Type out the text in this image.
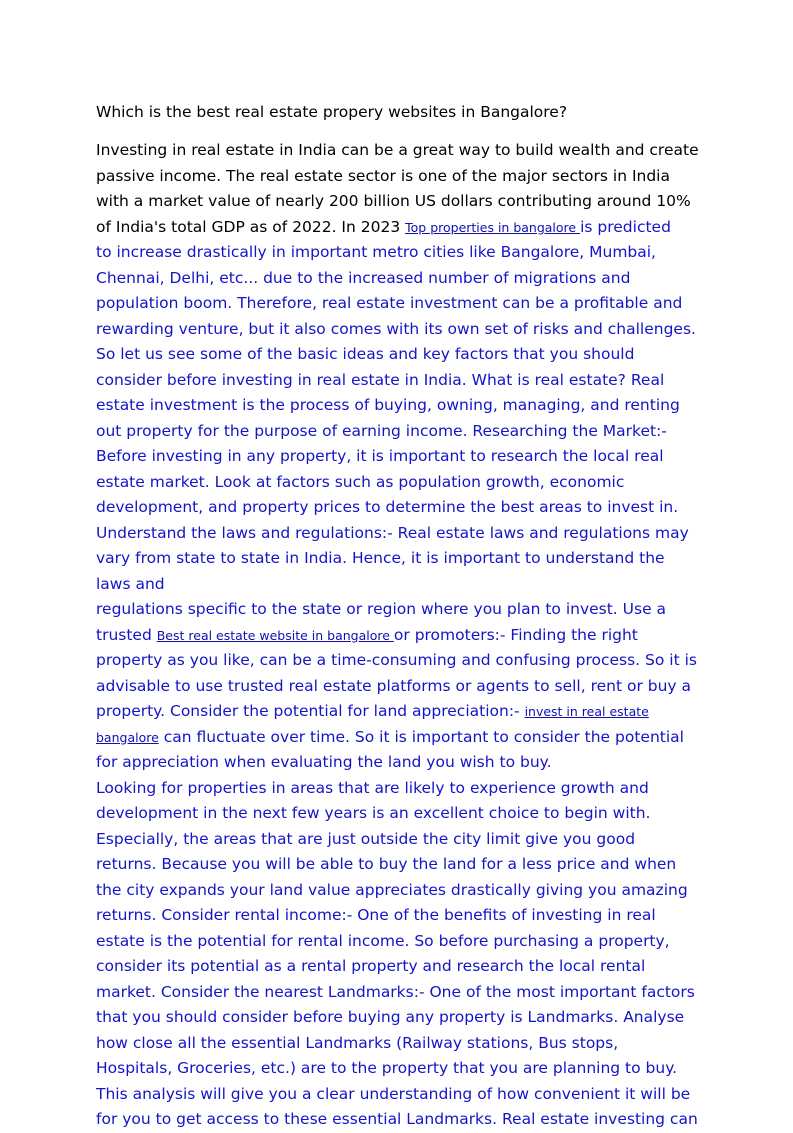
Which is the best real estate propery websites in Bangalore?
Investing in real estate in India can be a great way to build wealth and create
passive income. The real estate sector is one of the major sectors in India
with a market value of nearly 200 billion US dollars contributing around 10%
of India's total GDP as of 2022. In 2023 Top properties in bangalore is predicted
to increase drastically in important metro cities like Bangalore, Mumbai,
Chennai, Delhi, etc... due to the increased number of migrations and
population boom. Therefore, real estate investment can be a profitable and
rewarding venture, but it also comes with its own set of risks and challenges.
So let us see some of the basic ideas and key factors that you should
consider before investing in real estate in India. What is real estate? Real
estate investment is the process of buying, owning, managing, and renting
out property for the purpose of earning income. Researching the Market:-
Before investing in any property, it is important to research the local real
estate market. Look at factors such as population growth, economic
development, and property prices to determine the best areas to invest in.
Understand the laws and regulations:- Real estate laws and regulations may
vary from state to state in India. Hence, it is important to understand the
laws and
regulations specific to the state or region where you plan to invest. Use a
trusted Best real estate website in bangalore or promoters:- Finding the right
property as you like, can be a time-consuming and confusing process. So it is
advisable to use trusted real estate platforms or agents to sell, rent or buy a
property. Consider the potential for land appreciation:- invest in real estate
bangalore can fluctuate over time. So it is important to consider the potential
for appreciation when evaluating the land you wish to buy.
Looking for properties in areas that are likely to experience growth and
development in the next few years is an excellent choice to begin with.
Especially, the areas that are just outside the city limit give you good
returns. Because you will be able to buy the land for a less price and when
the city expands your land value appreciates drastically giving you amazing
returns. Consider rental income:- One of the benefits of investing in real
estate is the potential for rental income. So before purchasing a property,
consider its potential as a rental property and research the local rental
market. Consider the nearest Landmarks:- One of the most important factors
that you should consider before buying any property is Landmarks. Analyse
how close all the essential Landmarks (Railway stations, Bus stops,
Hospitals, Groceries, etc.) are to the property that you are planning to buy.
This analysis will give you a clear understanding of how convenient it will be
for you to get access to these essential Landmarks. Real estate investing can
